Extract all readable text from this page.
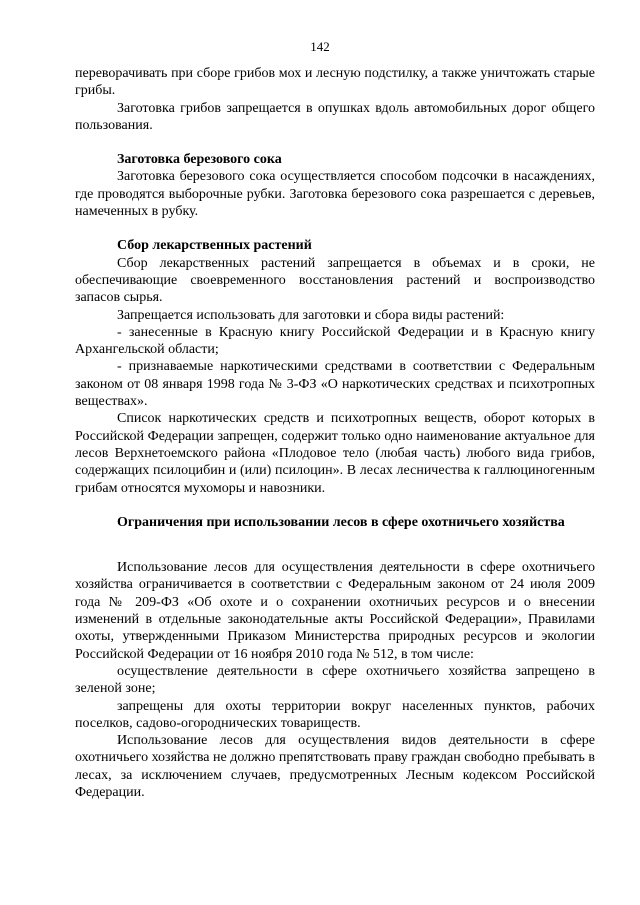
142

переворачивать при сборе грибов мох и лесную подстилку, а также уничтожать старые грибы.

Заготовка грибов запрещается в опушках вдоль автомобильных дорог общего пользования.

Заготовка березового сока

Заготовка березового сока осуществляется способом подсочки в насаждениях, где проводятся выборочные рубки. Заготовка березового сока разрешается с деревьев, намеченных в рубку.

Сбор лекарственных растений

Сбор лекарственных растений запрещается в объемах и в сроки, не обеспечивающие своевременного восстановления растений и воспроизводство запасов сырья.

Запрещается использовать для заготовки и сбора виды растений:

- занесенные в Красную книгу Российской Федерации и в Красную книгу Архангельской области;

- признаваемые наркотическими средствами в соответствии с Федеральным законом от 08 января 1998 года № 3-ФЗ «О наркотических средствах и психотропных веществах».

Список наркотических средств и психотропных веществ, оборот которых в Российской Федерации запрещен, содержит только одно наименование актуальное для лесов Верхнетоемского района «Плодовое тело (любая часть) любого вида грибов, содержащих псилоцибин и (или) псилоцин». В лесах лесничества к галлюциногенным грибам относятся мухоморы и навозники.

Ограничения при использовании лесов в сфере охотничьего хозяйства

Использование лесов для осуществления деятельности в сфере охотничьего хозяйства ограничивается в соответствии с Федеральным законом от 24 июля 2009 года № 209-ФЗ «Об охоте и о сохранении охотничьих ресурсов и о внесении изменений в отдельные законодательные акты Российской Федерации», Правилами охоты, утвержденными Приказом Министерства природных ресурсов и экологии Российской Федерации от 16 ноября 2010 года № 512, в том числе:

осуществление деятельности в сфере охотничьего хозяйства запрещено в зеленой зоне;

запрещены для охоты территории вокруг населенных пунктов, рабочих поселков, садово-огороднических товариществ.

Использование лесов для осуществления видов деятельности в сфере охотничьего хозяйства не должно препятствовать праву граждан свободно пребывать в лесах, за исключением случаев, предусмотренных Лесным кодексом Российской Федерации.
